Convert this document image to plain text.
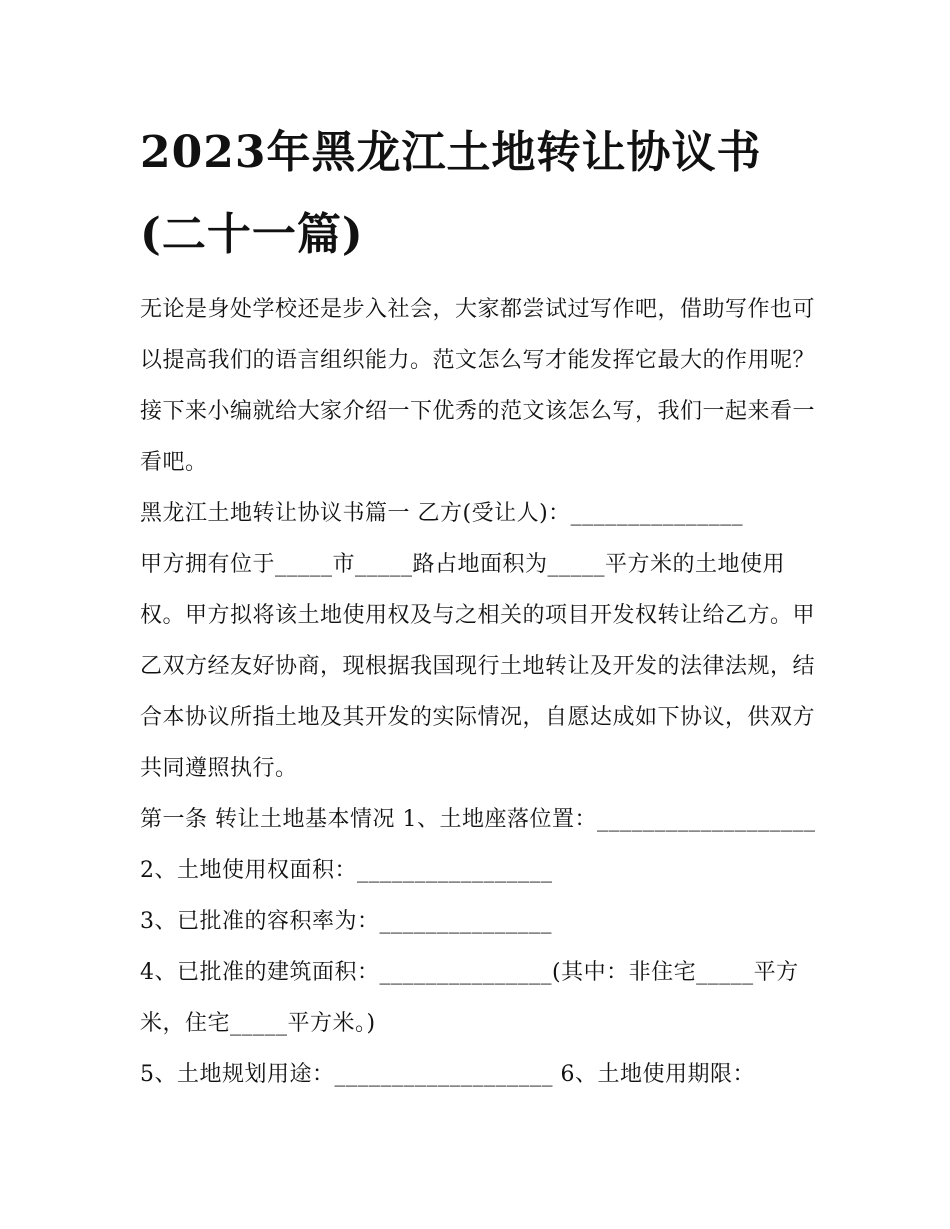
2023年黑龙江土地转让协议书(二十一篇)

无论是身处学校还是步入社会，大家都尝试过写作吧，借助写作也可以提高我们的语言组织能力。范文怎么写才能发挥它最大的作用呢？接下来小编就给大家介绍一下优秀的范文该怎么写，我们一起来看一看吧。

黑龙江土地转让协议书篇一 乙方(受让人)：_______________

甲方拥有位于_____市_____路占地面积为_____平方米的土地使用权。甲方拟将该土地使用权及与之相关的项目开发权转让给乙方。甲乙双方经友好协商，现根据我国现行土地转让及开发的法律法规，结合本协议所指土地及其开发的实际情况，自愿达成如下协议，供双方共同遵照执行。

第一条 转让土地基本情况 1、土地座落位置：___________________ 2、土地使用权面积：_________________

3、已批准的容积率为：_______________

4、已批准的建筑面积：_______________(其中：非住宅_____平方米，住宅_____平方米。)

5、土地规划用途：___________________ 6、土地使用期限：
